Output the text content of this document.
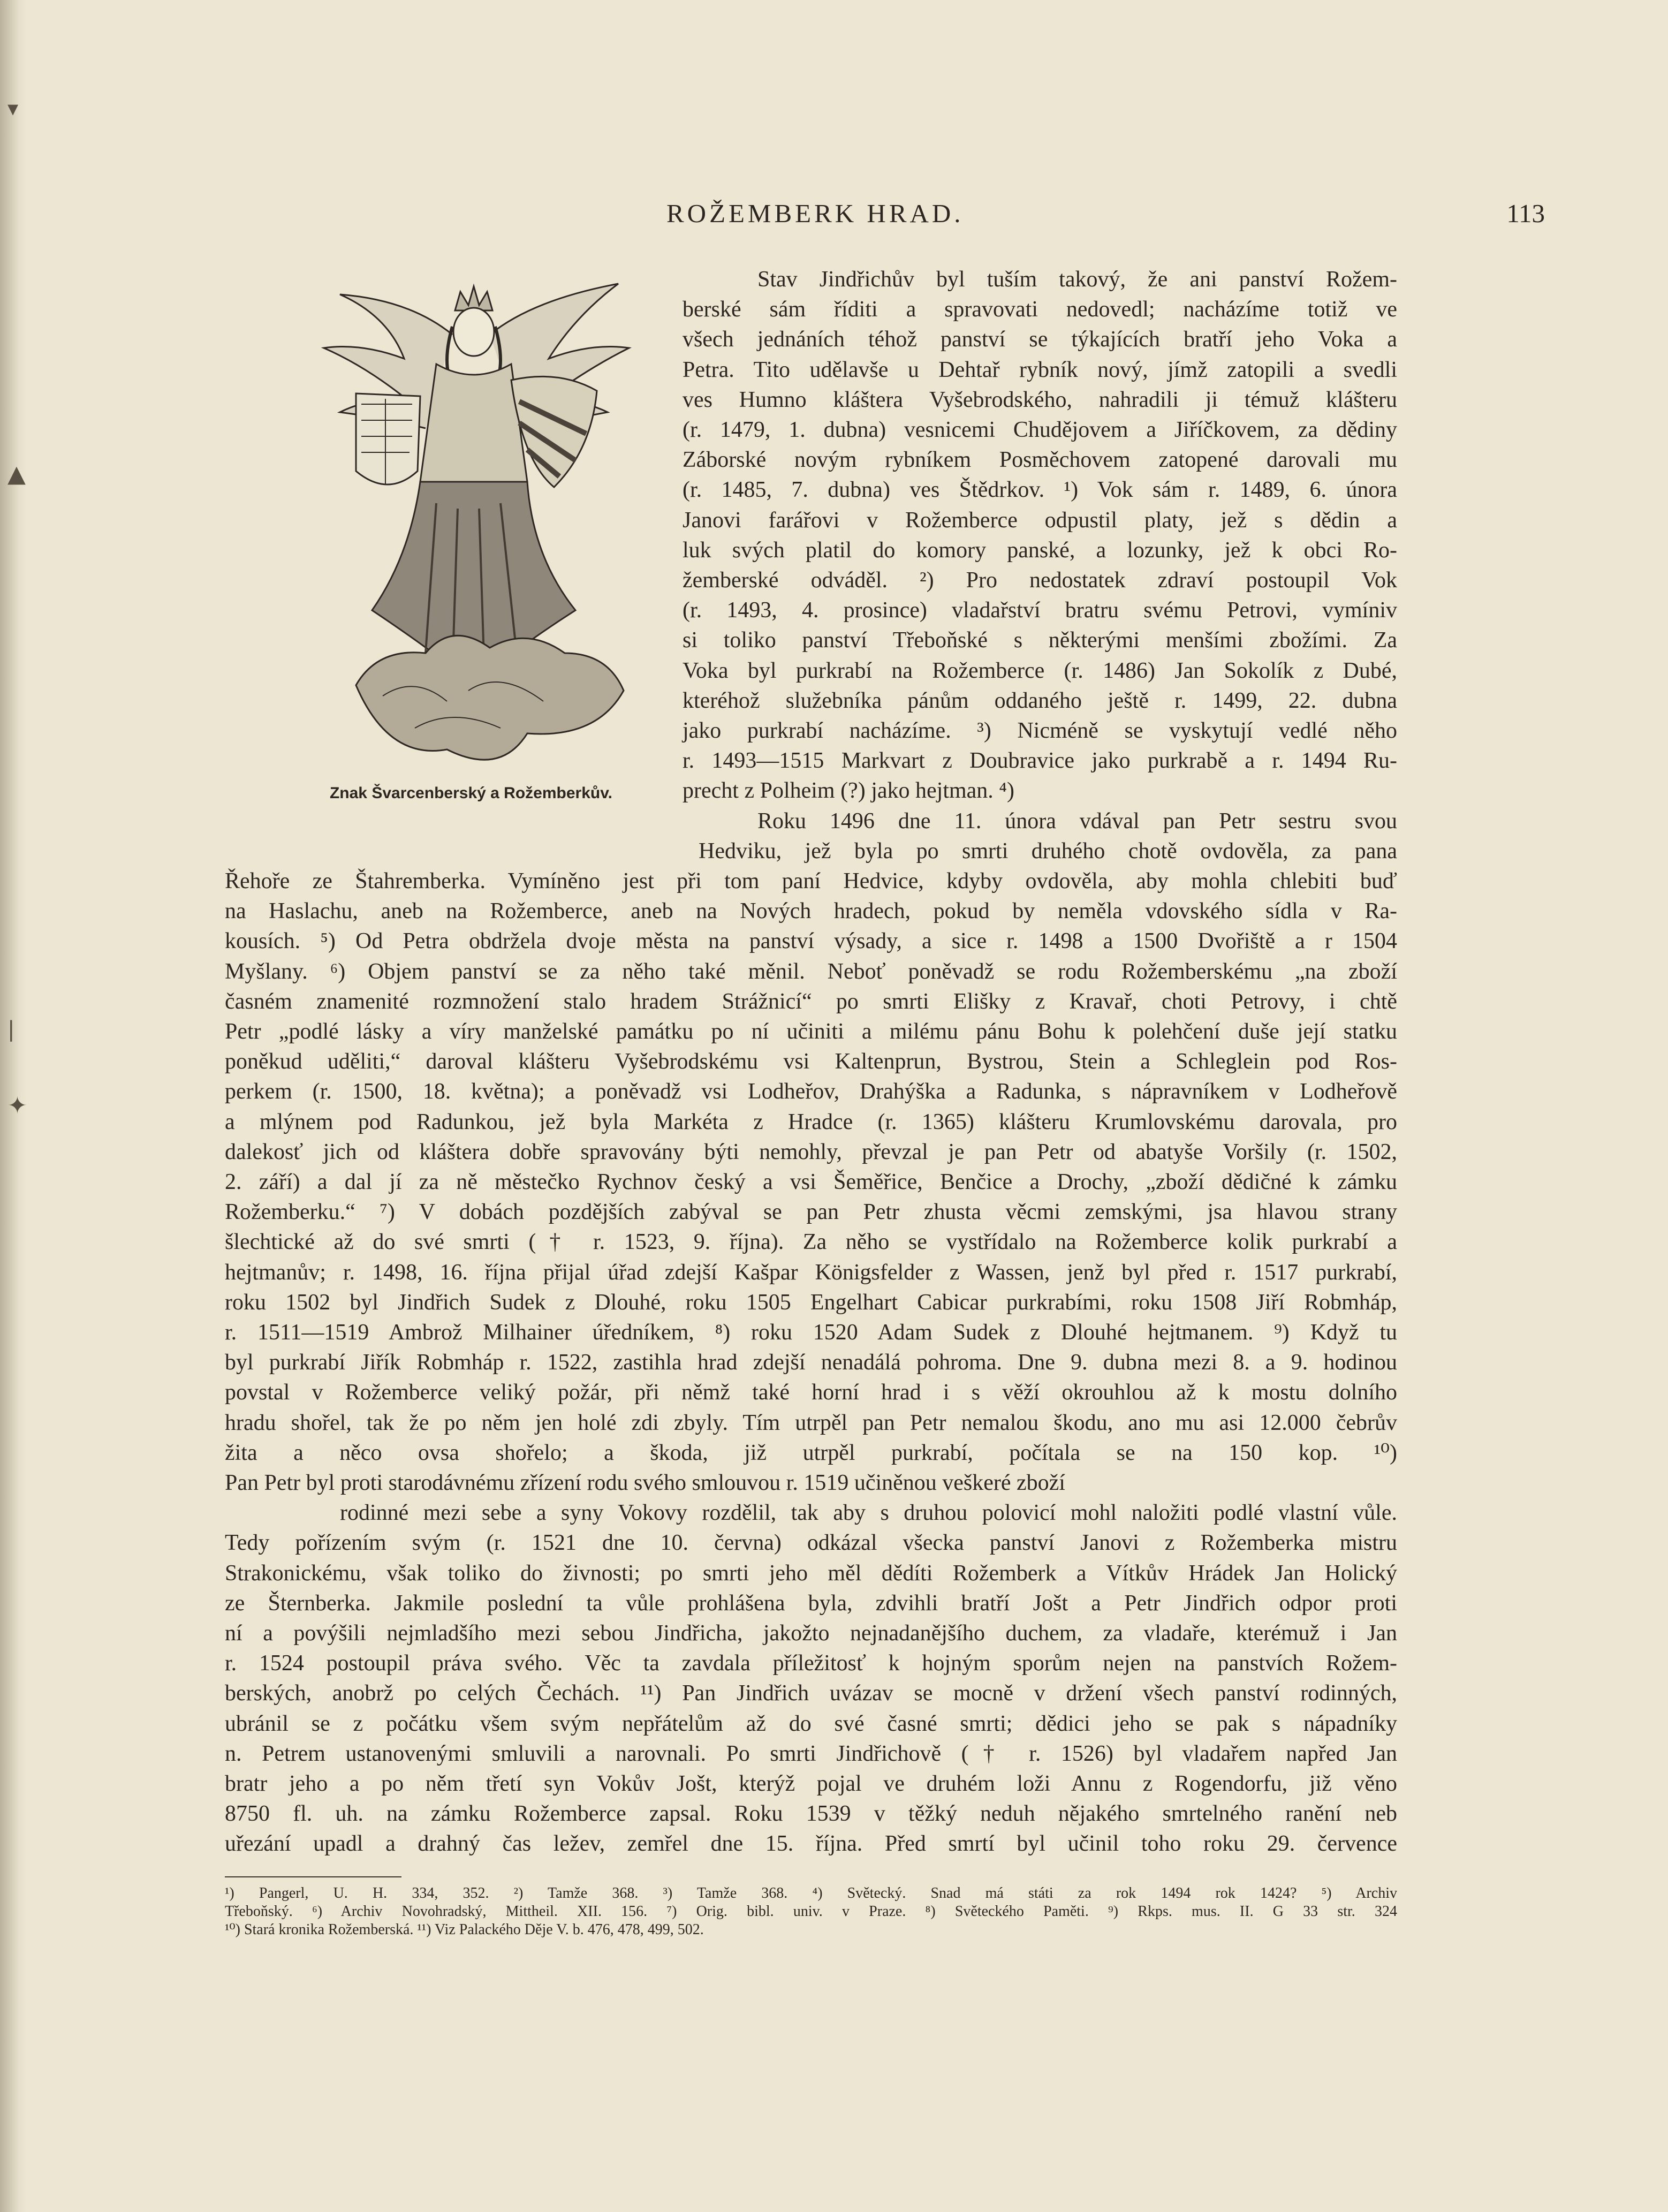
▾
▲
|
✦
ROŽEMBERK HRAD.	113
Znak Švarcenberský a Rožemberkův.
Stav Jindřichův byl tuším takový, že ani panství Rožem-
berské sám říditi a spravovati nedovedl; nacházíme totiž ve
všech jednáních téhož panství se týkajících bratří jeho Voka a
Petra. Tito udělavše u Dehtař rybník nový, jímž zatopili a svedli
ves Humno kláštera Vyšebrodského, nahradili ji témuž klášteru
(r. 1479, 1. dubna) vesnicemi Chudějovem a Jiříčkovem, za dědiny
Záborské novým rybníkem Posměchovem zatopené darovali mu
(r. 1485, 7. dubna) ves Štědrkov. ¹) Vok sám r. 1489, 6. února
Janovi farářovi v Rožemberce odpustil platy, jež s dědin a
luk svých platil do komory panské, a lozunky, jež k obci Ro-
žemberské odváděl. ²) Pro nedostatek zdraví postoupil Vok
(r. 1493, 4. prosince) vladařství bratru svému Petrovi, vymíniv
si toliko panství Třeboňské s některými menšími zbožími. Za
Voka byl purkrabí na Rožemberce (r. 1486) Jan Sokolík z Dubé,
kteréhož služebníka pánům oddaného ještě r. 1499, 22. dubna
jako purkrabí nacházíme. ³) Nicméně se vyskytují vedlé něho
r. 1493—1515 Markvart z Doubravice jako purkrabě a r. 1494 Ru-
precht z Polheim (?) jako hejtman. ⁴)
Roku 1496 dne 11. února vdával pan Petr sestru svou
Hedviku, jež byla po smrti druhého chotě ovdověla, za pana
Řehoře ze Štahremberka. Vymíněno jest při tom paní Hedvice, kdyby ovdověla, aby mohla chlebiti buď
na Haslachu, aneb na Rožemberce, aneb na Nových hradech, pokud by neměla vdovského sídla v Ra-
kousích. ⁵) Od Petra obdržela dvoje města na panství výsady, a sice r. 1498 a 1500 Dvořiště a r 1504
Myšlany. ⁶) Objem panství se za něho také měnil. Neboť poněvadž se rodu Rožemberskému „na zboží
časném znamenité rozmnožení stalo hradem Strážnicí“ po smrti Elišky z Kravař, choti Petrovy, i chtě
Petr „podlé lásky a víry manželské památku po ní učiniti a milému pánu Bohu k polehčení duše její statku
poněkud uděliti,“ daroval klášteru Vyšebrodskému vsi Kaltenprun, Bystrou, Stein a Schleglein pod Ros-
perkem (r. 1500, 18. května); a poněvadž vsi Lodheřov, Drahýška a Radunka, s nápravníkem v Lodheřově
a mlýnem pod Radunkou, jež byla Markéta z Hradce (r. 1365) klášteru Krumlovskému darovala, pro
dalekosť jich od kláštera dobře spravovány býti nemohly, převzal je pan Petr od abatyše Voršily (r. 1502,
2. září) a dal jí za ně městečko Rychnov český a vsi Šeměřice, Benčice a Drochy, „zboží dědičné k zámku
Rožemberku.“ ⁷) V dobách pozdějších zabýval se pan Petr zhusta věcmi zemskými, jsa hlavou strany
šlechtické až do své smrti († r. 1523, 9. října). Za něho se vystřídalo na Rožemberce kolik purkrabí a
hejtmanův; r. 1498, 16. října přijal úřad zdejší Kašpar Königsfelder z Wassen, jenž byl před r. 1517 purkrabí,
roku 1502 byl Jindřich Sudek z Dlouhé, roku 1505 Engelhart Cabicar purkrabími, roku 1508 Jiří Robmháp,
r. 1511—1519 Ambrož Milhainer úředníkem, ⁸) roku 1520 Adam Sudek z Dlouhé hejtmanem. ⁹) Když tu
byl purkrabí Jiřík Robmháp r. 1522, zastihla hrad zdejší nenadálá pohroma. Dne 9. dubna mezi 8. a 9. hodinou
povstal v Rožemberce veliký požár, při němž také horní hrad i s věží okrouhlou až k mostu dolního
hradu shořel, tak že po něm jen holé zdi zbyly. Tím utrpěl pan Petr nemalou škodu, ano mu asi 12.000 čebrův
žita a něco ovsa shořelo; a škoda, již utrpěl purkrabí, počítala se na 150 kop. ¹⁰)
Pan Petr byl proti starodávnému zřízení rodu svého smlouvou r. 1519 učiněnou veškeré zboží
rodinné mezi sebe a syny Vokovy rozdělil, tak aby s druhou polovicí mohl naložiti podlé vlastní vůle.
Tedy pořízením svým (r. 1521 dne 10. června) odkázal všecka panství Janovi z Rožemberka mistru
Strakonickému, však toliko do živnosti; po smrti jeho měl dědíti Rožemberk a Vítkův Hrádek Jan Holický
ze Šternberka. Jakmile poslední ta vůle prohlášena byla, zdvihli bratří Jošt a Petr Jindřich odpor proti
ní a povýšili nejmladšího mezi sebou Jindřicha, jakožto nejnadanějšího duchem, za vladaře, kterémuž i Jan
r. 1524 postoupil práva svého. Věc ta zavdala příležitosť k hojným sporům nejen na panstvích Rožem-
berských, anobrž po celých Čechách. ¹¹) Pan Jindřich uvázav se mocně v držení všech panství rodinných,
ubránil se z počátku všem svým nepřátelům až do své časné smrti; dědici jeho se pak s nápadníky
n. Petrem ustanovenými smluvili a narovnali. Po smrti Jindřichově († r. 1526) byl vladařem napřed Jan
bratr jeho a po něm třetí syn Vokův Jošt, kterýž pojal ve druhém loži Annu z Rogendorfu, již věno
8750 fl. uh. na zámku Rožemberce zapsal. Roku 1539 v těžký neduh nějakého smrtelného ranění neb
uřezání upadl a drahný čas ležev, zemřel dne 15. října. Před smrtí byl učinil toho roku 29. července
¹) Pangerl, U. H. 334, 352. ²) Tamže 368. ³) Tamže 368. ⁴) Světecký. Snad má státi za rok 1494 rok 1424? ⁵) Archiv
Třeboňský. ⁶) Archiv Novohradský, Mittheil. XII. 156. ⁷) Orig. bibl. univ. v Praze. ⁸) Světeckého Paměti. ⁹) Rkps. mus. II. G 33 str. 324
¹⁰) Stará kronika Rožemberská. ¹¹) Viz Palackého Děje V. b. 476, 478, 499, 502.
